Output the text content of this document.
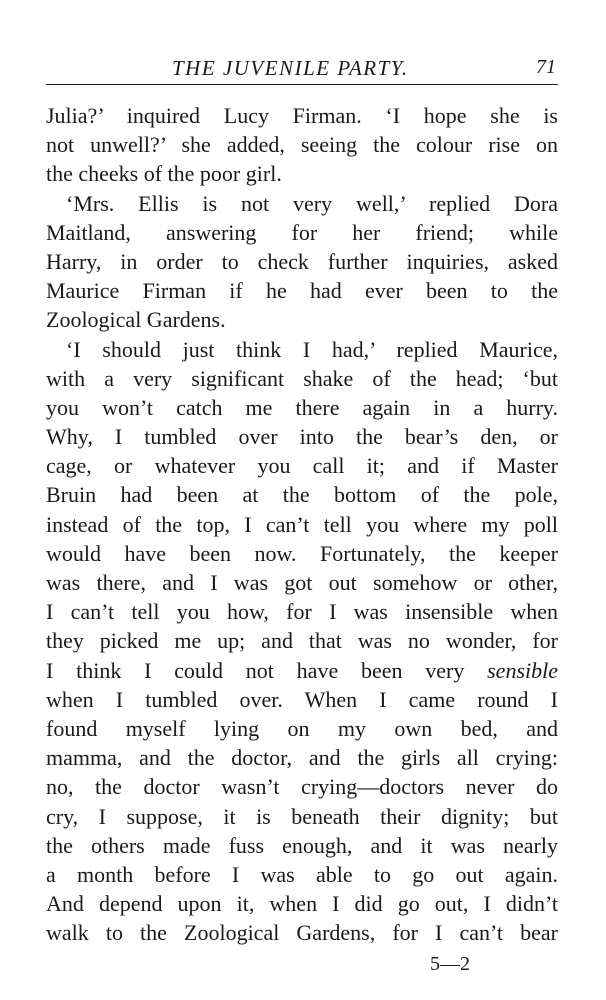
THE JUVENILE PARTY.	71
Julia?’ inquired Lucy Firman. ‘I hope she is
not unwell?’ she added, seeing the colour rise on
the cheeks of the poor girl.
‘Mrs. Ellis is not very well,’ replied Dora
Maitland, answering for her friend; while
Harry, in order to check further inquiries, asked
Maurice Firman if he had ever been to the
Zoological Gardens.
‘I should just think I had,’ replied Maurice,
with a very significant shake of the head; ‘but
you won’t catch me there again in a hurry.
Why, I tumbled over into the bear’s den, or
cage, or whatever you call it; and if Master
Bruin had been at the bottom of the pole,
instead of the top, I can’t tell you where my poll
would have been now. Fortunately, the keeper
was there, and I was got out somehow or other,
I can’t tell you how, for I was insensible when
they picked me up; and that was no wonder, for
I think I could not have been very sensible
when I tumbled over. When I came round I
found myself lying on my own bed, and
mamma, and the doctor, and the girls all crying:
no, the doctor wasn’t crying—doctors never do
cry, I suppose, it is beneath their dignity; but
the others made fuss enough, and it was nearly
a month before I was able to go out again.
And depend upon it, when I did go out, I didn’t
walk to the Zoological Gardens, for I can’t bear
5—2
